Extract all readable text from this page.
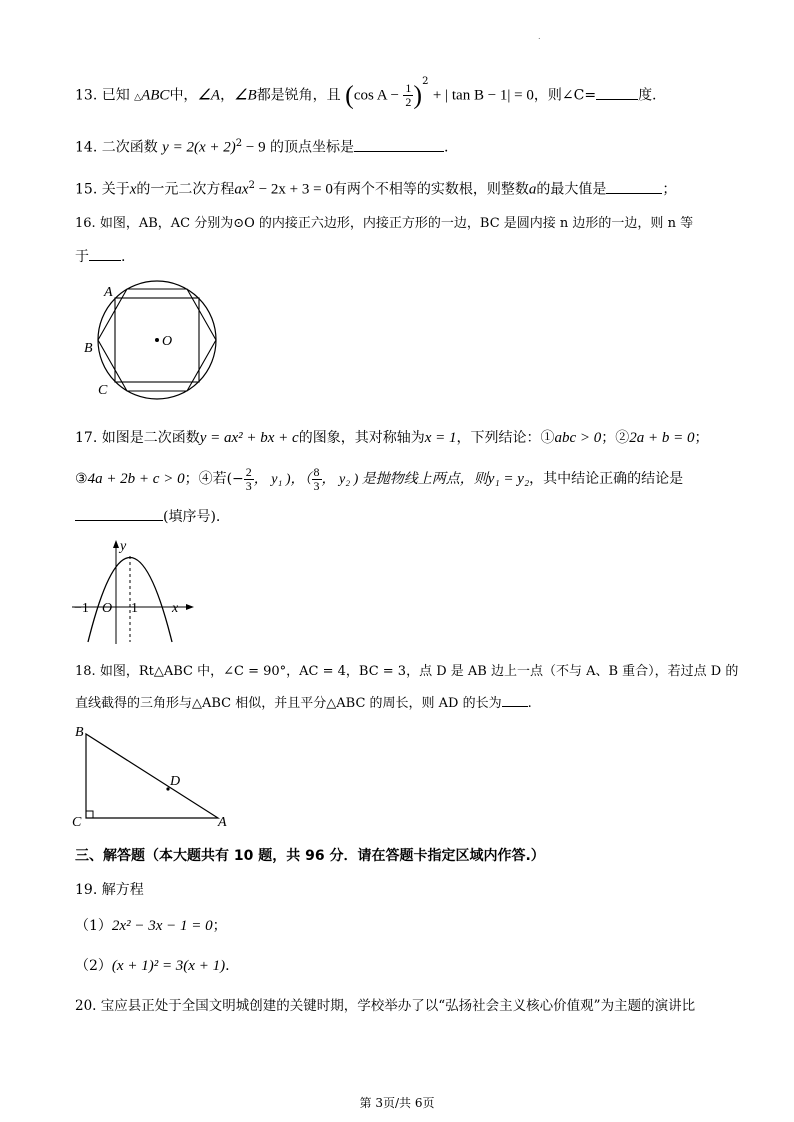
.
13. 已知 △ABC中，∠A，∠B都是锐角，且 (cos $A - \frac{1}{2} )^2$ + | tan B − 1| = 0，则∠C=	度.
14. 二次函数 $y = 2(x + 2)^2 - 9$ 的顶点坐标是	.
15. 关于x的一元二次方程$ax^2 - 2x + 3 = 0$有两个不相等的实数根，则整数a的最大值是	；
16. 如图，AB，AC 分别为⊙O 的内接正六边形，内接正方形的一边，BC 是圆内接 n 边形的一边，则 n 等
于 .
A
B
C
O
17. 如图是二次函数y = ax² + bx + c的图象，其对称轴为x = 1，下列结论：①abc > 0；②2a + b = 0；
③4a + 2b + c > 0；④若(− $\frac{2}{3}$ ， y₁ )，（ $\frac{8}{3}$ ， y₂ ) 是抛物线上两点，则y₁ = y₂，其中结论正确的结论是
(填序号).
y
x
−1 O 1
18. 如图，Rt△ABC 中，∠C = 90°，AC = 4，BC = 3，点 D 是 AB 边上一点（不与 A、B 重合），若过点 D 的
直线截得的三角形与△ABC 相似，并且平分△ABC 的周长，则 AD 的长为 .
B
C	A
D
三、解答题（本大题共有 10 题，共 96 分．请在答题卡指定区域内作答.）
19. 解方程
（1）2x² − 3x − 1 = 0；
（2）(x + 1)² = 3(x + 1).
20. 宝应县正处于全国文明城创建的关键时期，学校举办了以“弘扬社会主义核心价值观”为主题的演讲比
第 3页/共 6页
